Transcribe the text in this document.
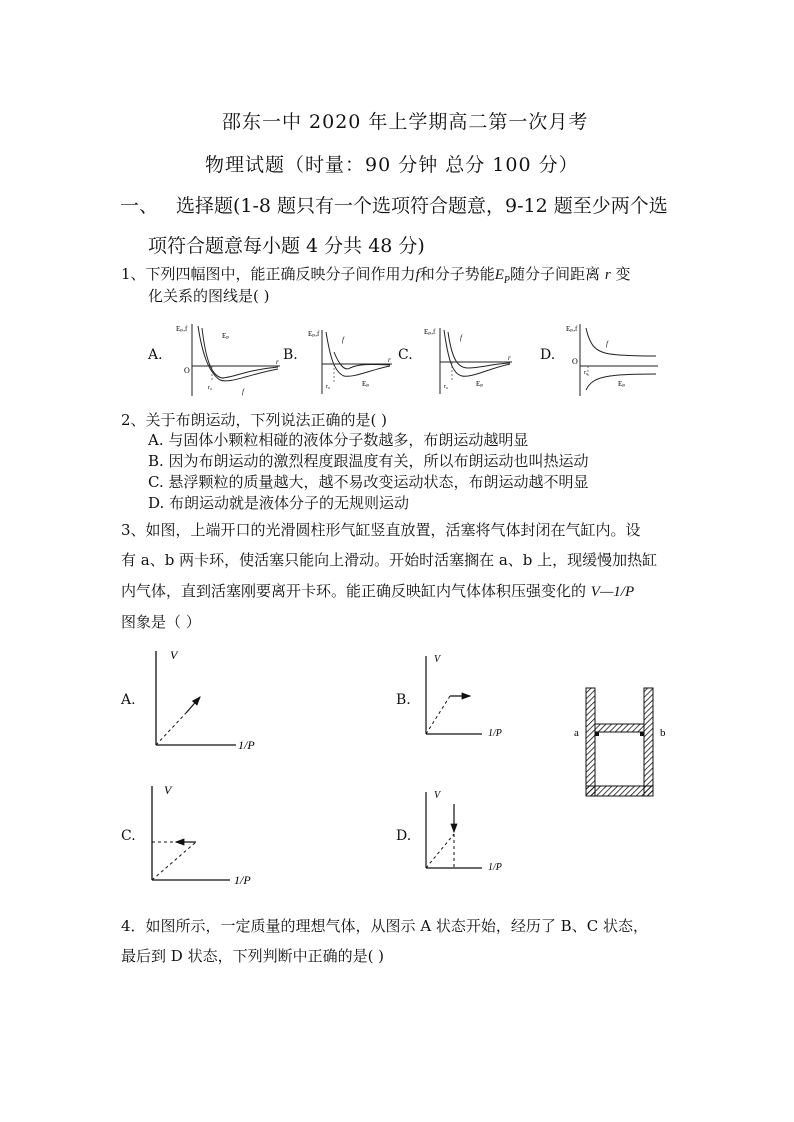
邵东一中 2020 年上学期高二第一次月考
物理试题（时量：90 分钟 总分 100 分）
一、 选择题(1-8 题只有一个选项符合题意，9-12 题至少两个选
项符合题意每小题 4 分共 48 分)
1、下列四幅图中，能正确反映分子间作用力f和分子势能$E_P$随分子间距离 r 变
化关系的图线是( )
A.	B.	C.	D.
Eₚ,f
O
r₀
Eₚ
f
r
Eₚ,f
f
r₀	Eₚ
r
Eₚ,f
f
r₀	Eₚ
r
Eₚ,f
O
f
Eₚ
r₀
2、关于布朗运动，下列说法正确的是( )
A. 与固体小颗粒相碰的液体分子数越多，布朗运动越明显
B. 因为布朗运动的激烈程度跟温度有关，所以布朗运动也叫热运动
C. 悬浮颗粒的质量越大，越不易改变运动状态，布朗运动越不明显
D. 布朗运动就是液体分子的无规则运动
3、如图，上端开口的光滑圆柱形气缸竖直放置，活塞将气体封闭在气缸内。设
有 a、b 两卡环，使活塞只能向上滑动。开始时活塞搁在 a、b 上，现缓慢加热缸
内气体，直到活塞刚要离开卡环。能正确反映缸内气体体积压强变化的 V—1/P
图象是（ ）
A.	B.
C.	D.
V
1/P
V
1/P
V
1/P
V
1/P
a	b
4．如图所示，一定质量的理想气体，从图示 A 状态开始，经历了 B、C 状态，
最后到 D 状态，下列判断中正确的是( )
